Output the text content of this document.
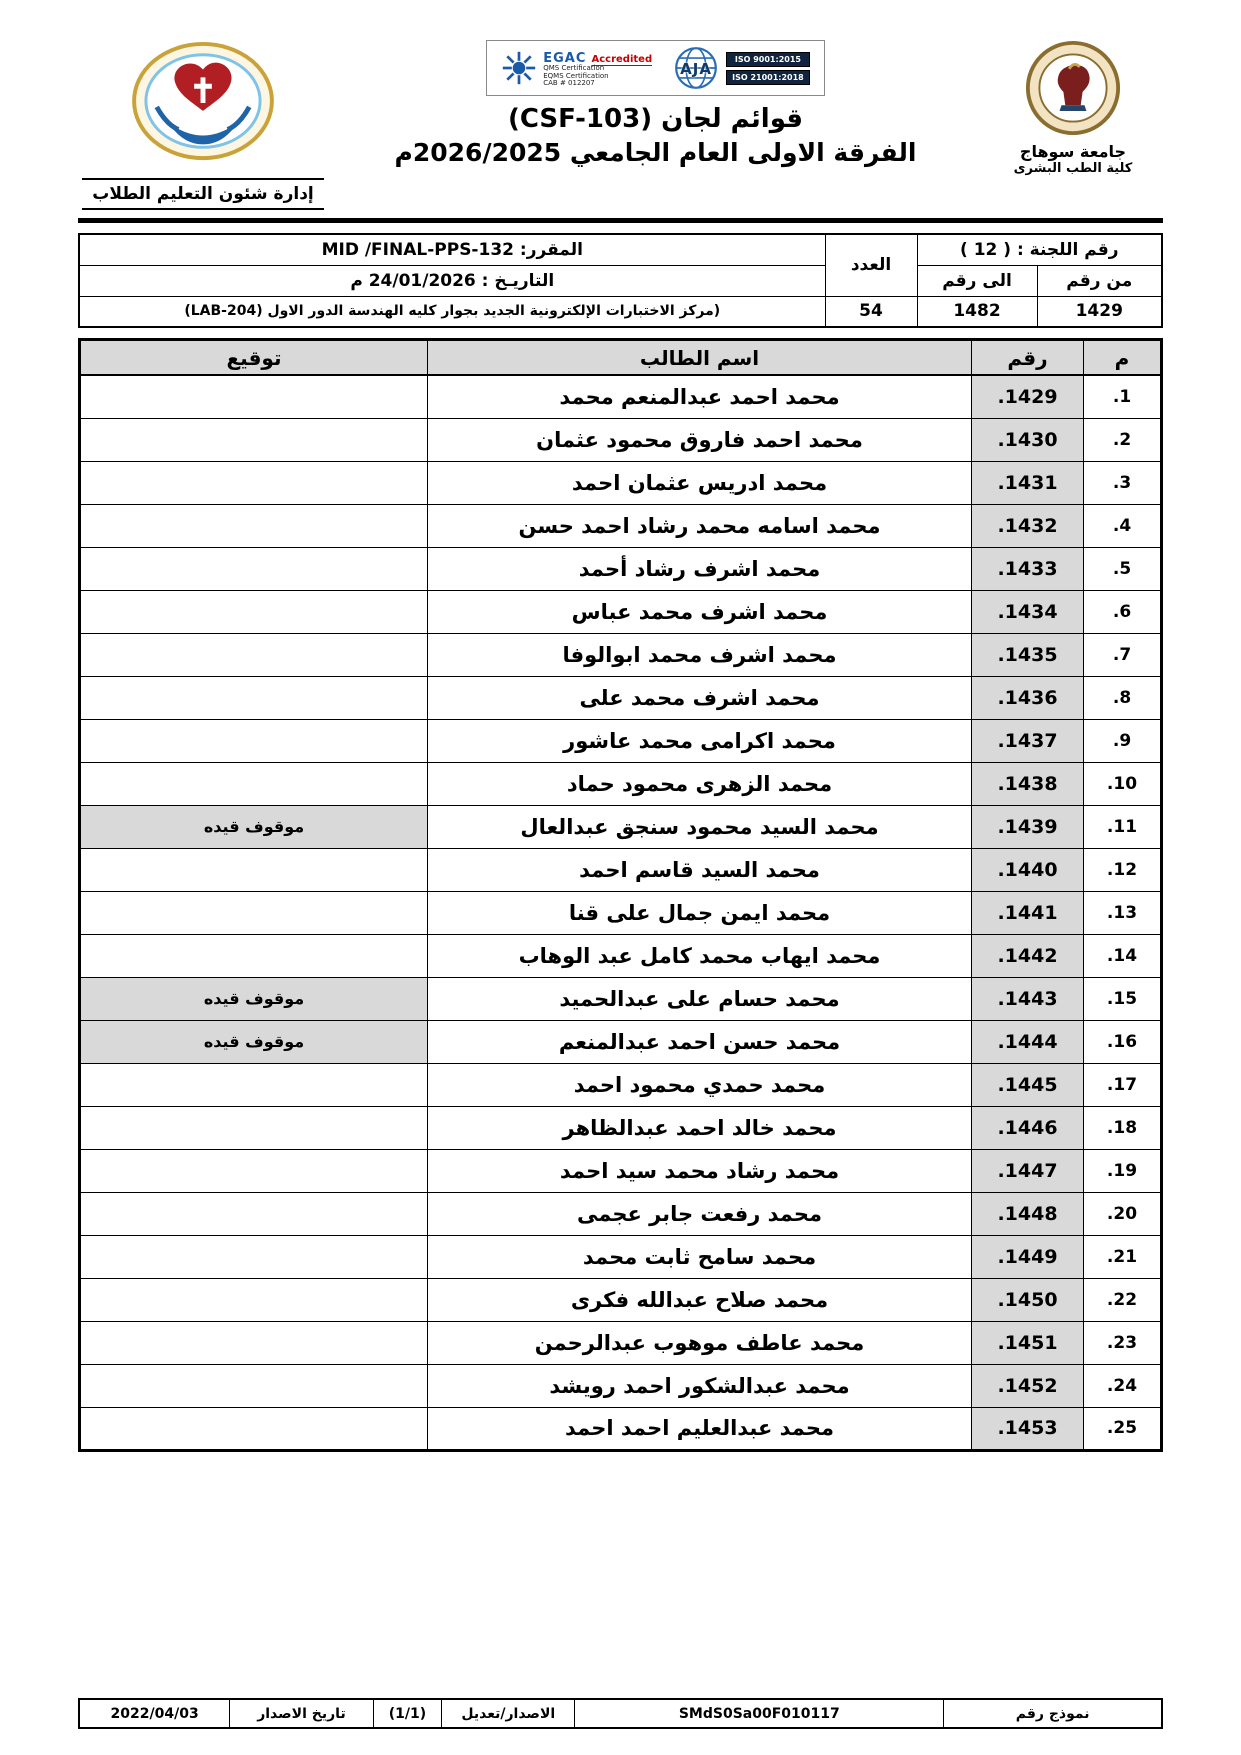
جامعة سوهاج
كلية الطب البشرى
EGAC Accredited
QMS Certification
EQMS Certification
CAB # 012207
AJA
ISO 9001:2015
ISO 21001:2018
قوائم لجان (CSF-103)
الفرقة الاولى العام الجامعي 2026/2025م
إدارة شئون التعليم الطلاب
رقم اللجنة : ( 12 )		العدد	المقرر: MID /FINAL-PPS-132
من رقم	الى رقم		التاريـخ : 24/01/2026 م
1429	1482	54	(مركز الاختبارات الإلكترونية الجديد بجوار كليه الهندسة الدور الاول (LAB-204)
م	رقم	اسم الطالب	توقيع
1.	1429.	محمد احمد عبدالمنعم محمد	
2.	1430.	محمد احمد فاروق محمود عثمان	
3.	1431.	محمد ادريس عثمان احمد	
4.	1432.	محمد اسامه محمد رشاد احمد حسن	
5.	1433.	محمد اشرف رشاد أحمد	
6.	1434.	محمد اشرف محمد عباس	
7.	1435.	محمد اشرف محمد ابوالوفا	
8.	1436.	محمد اشرف محمد على	
9.	1437.	محمد اكرامى محمد عاشور	
10.	1438.	محمد الزهرى محمود حماد	
11.	1439.	محمد السيد محمود سنجق عبدالعال	موقوف قيده
12.	1440.	محمد السيد قاسم احمد	
13.	1441.	محمد ايمن جمال على قنا	
14.	1442.	محمد ايهاب محمد كامل عبد الوهاب	
15.	1443.	محمد حسام على عبدالحميد	موقوف قيده
16.	1444.	محمد حسن احمد عبدالمنعم	موقوف قيده
17.	1445.	محمد حمدي محمود احمد	
18.	1446.	محمد خالد احمد عبدالظاهر	
19.	1447.	محمد رشاد محمد سيد احمد	
20.	1448.	محمد رفعت جابر عجمى	
21.	1449.	محمد سامح ثابت محمد	
22.	1450.	محمد صلاح عبدالله فكرى	
23.	1451.	محمد عاطف موهوب عبدالرحمن	
24.	1452.	محمد عبدالشكور احمد رويشد	
25.	1453.	محمد عبدالعليم احمد احمد	
نموذج رقم	SMdS0Sa00F010117	الاصدار/تعديل	(1/1)	تاريخ الاصدار	2022/04/03
